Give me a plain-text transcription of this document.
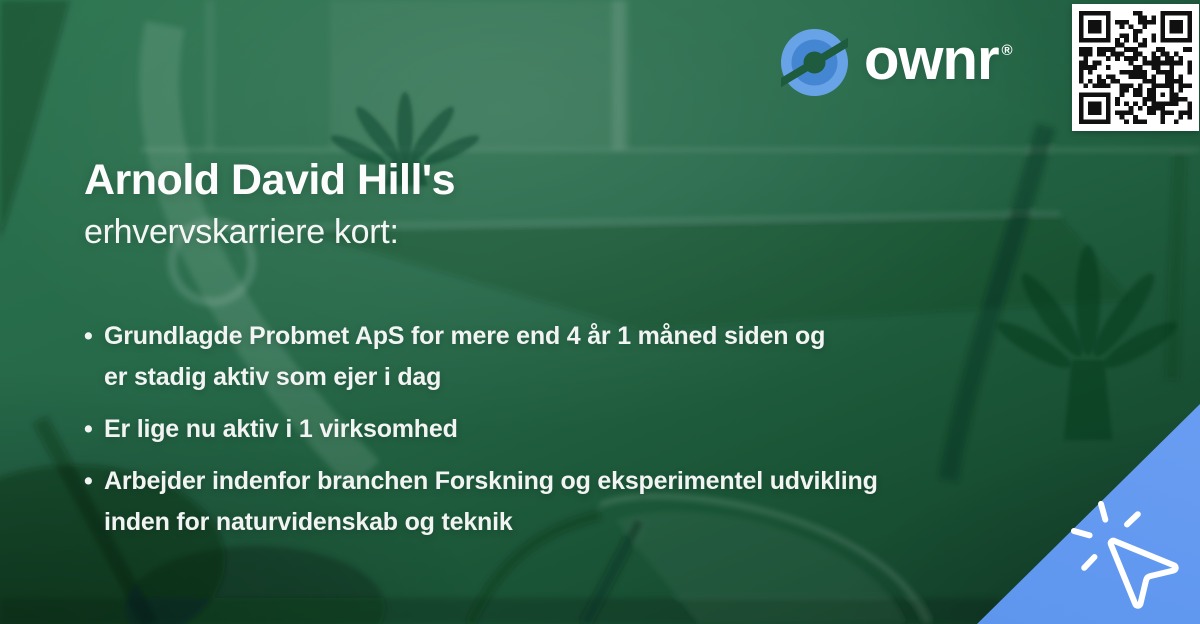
ownr ®
Arnold David Hill's
erhvervskarriere kort:
• Grundlagde Probmet ApS for mere end 4 år 1 måned siden og
er stadig aktiv som ejer i dag
• Er lige nu aktiv i 1 virksomhed
• Arbejder indenfor branchen Forskning og eksperimentel udvikling
inden for naturvidenskab og teknik
